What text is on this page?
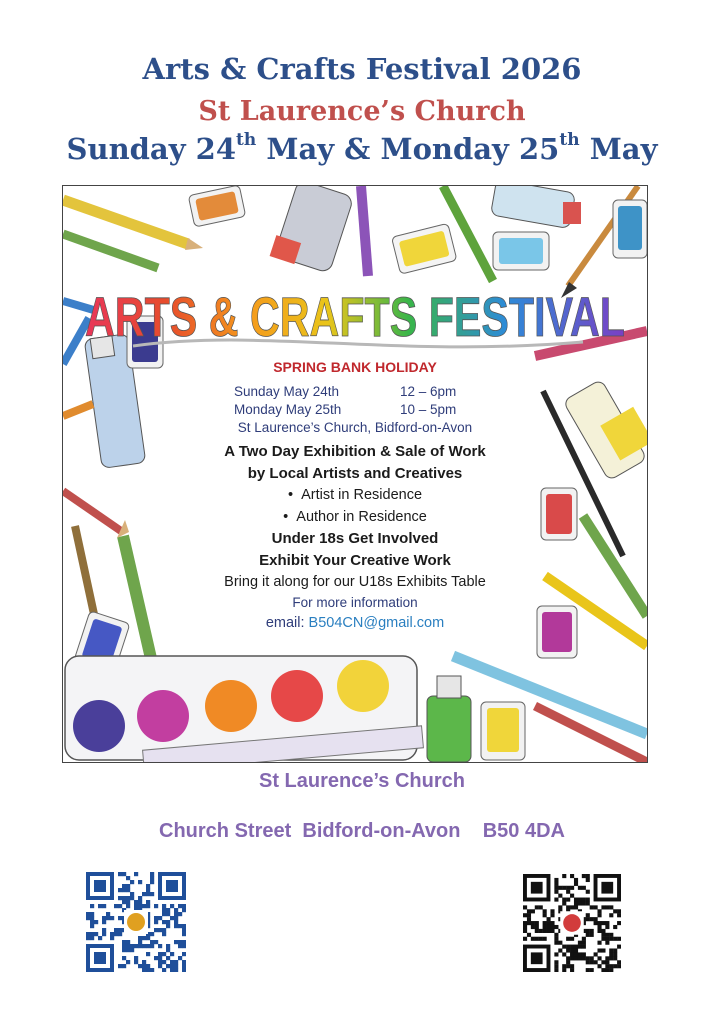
Arts & Crafts Festival 2026
St Laurence’s Church
Sunday 24th May & Monday 25th May
ARTS & CRAFTS FESTIVAL
SPRING BANK HOLIDAY
Sunday May 24th	12 – 6pm
Monday May 25th	10 – 5pm
St Laurence’s Church, Bidford-on-Avon
A Two Day Exhibition & Sale of Work
by Local Artists and Creatives
•  Artist in Residence
•  Author in Residence
Under 18s Get Involved
Exhibit Your Creative Work
Bring it along for our U18s Exhibits Table
For more information
email: B504CN@gmail.com
St Laurence’s Church
Church Street  Bidford-on-Avon    B50 4DA
